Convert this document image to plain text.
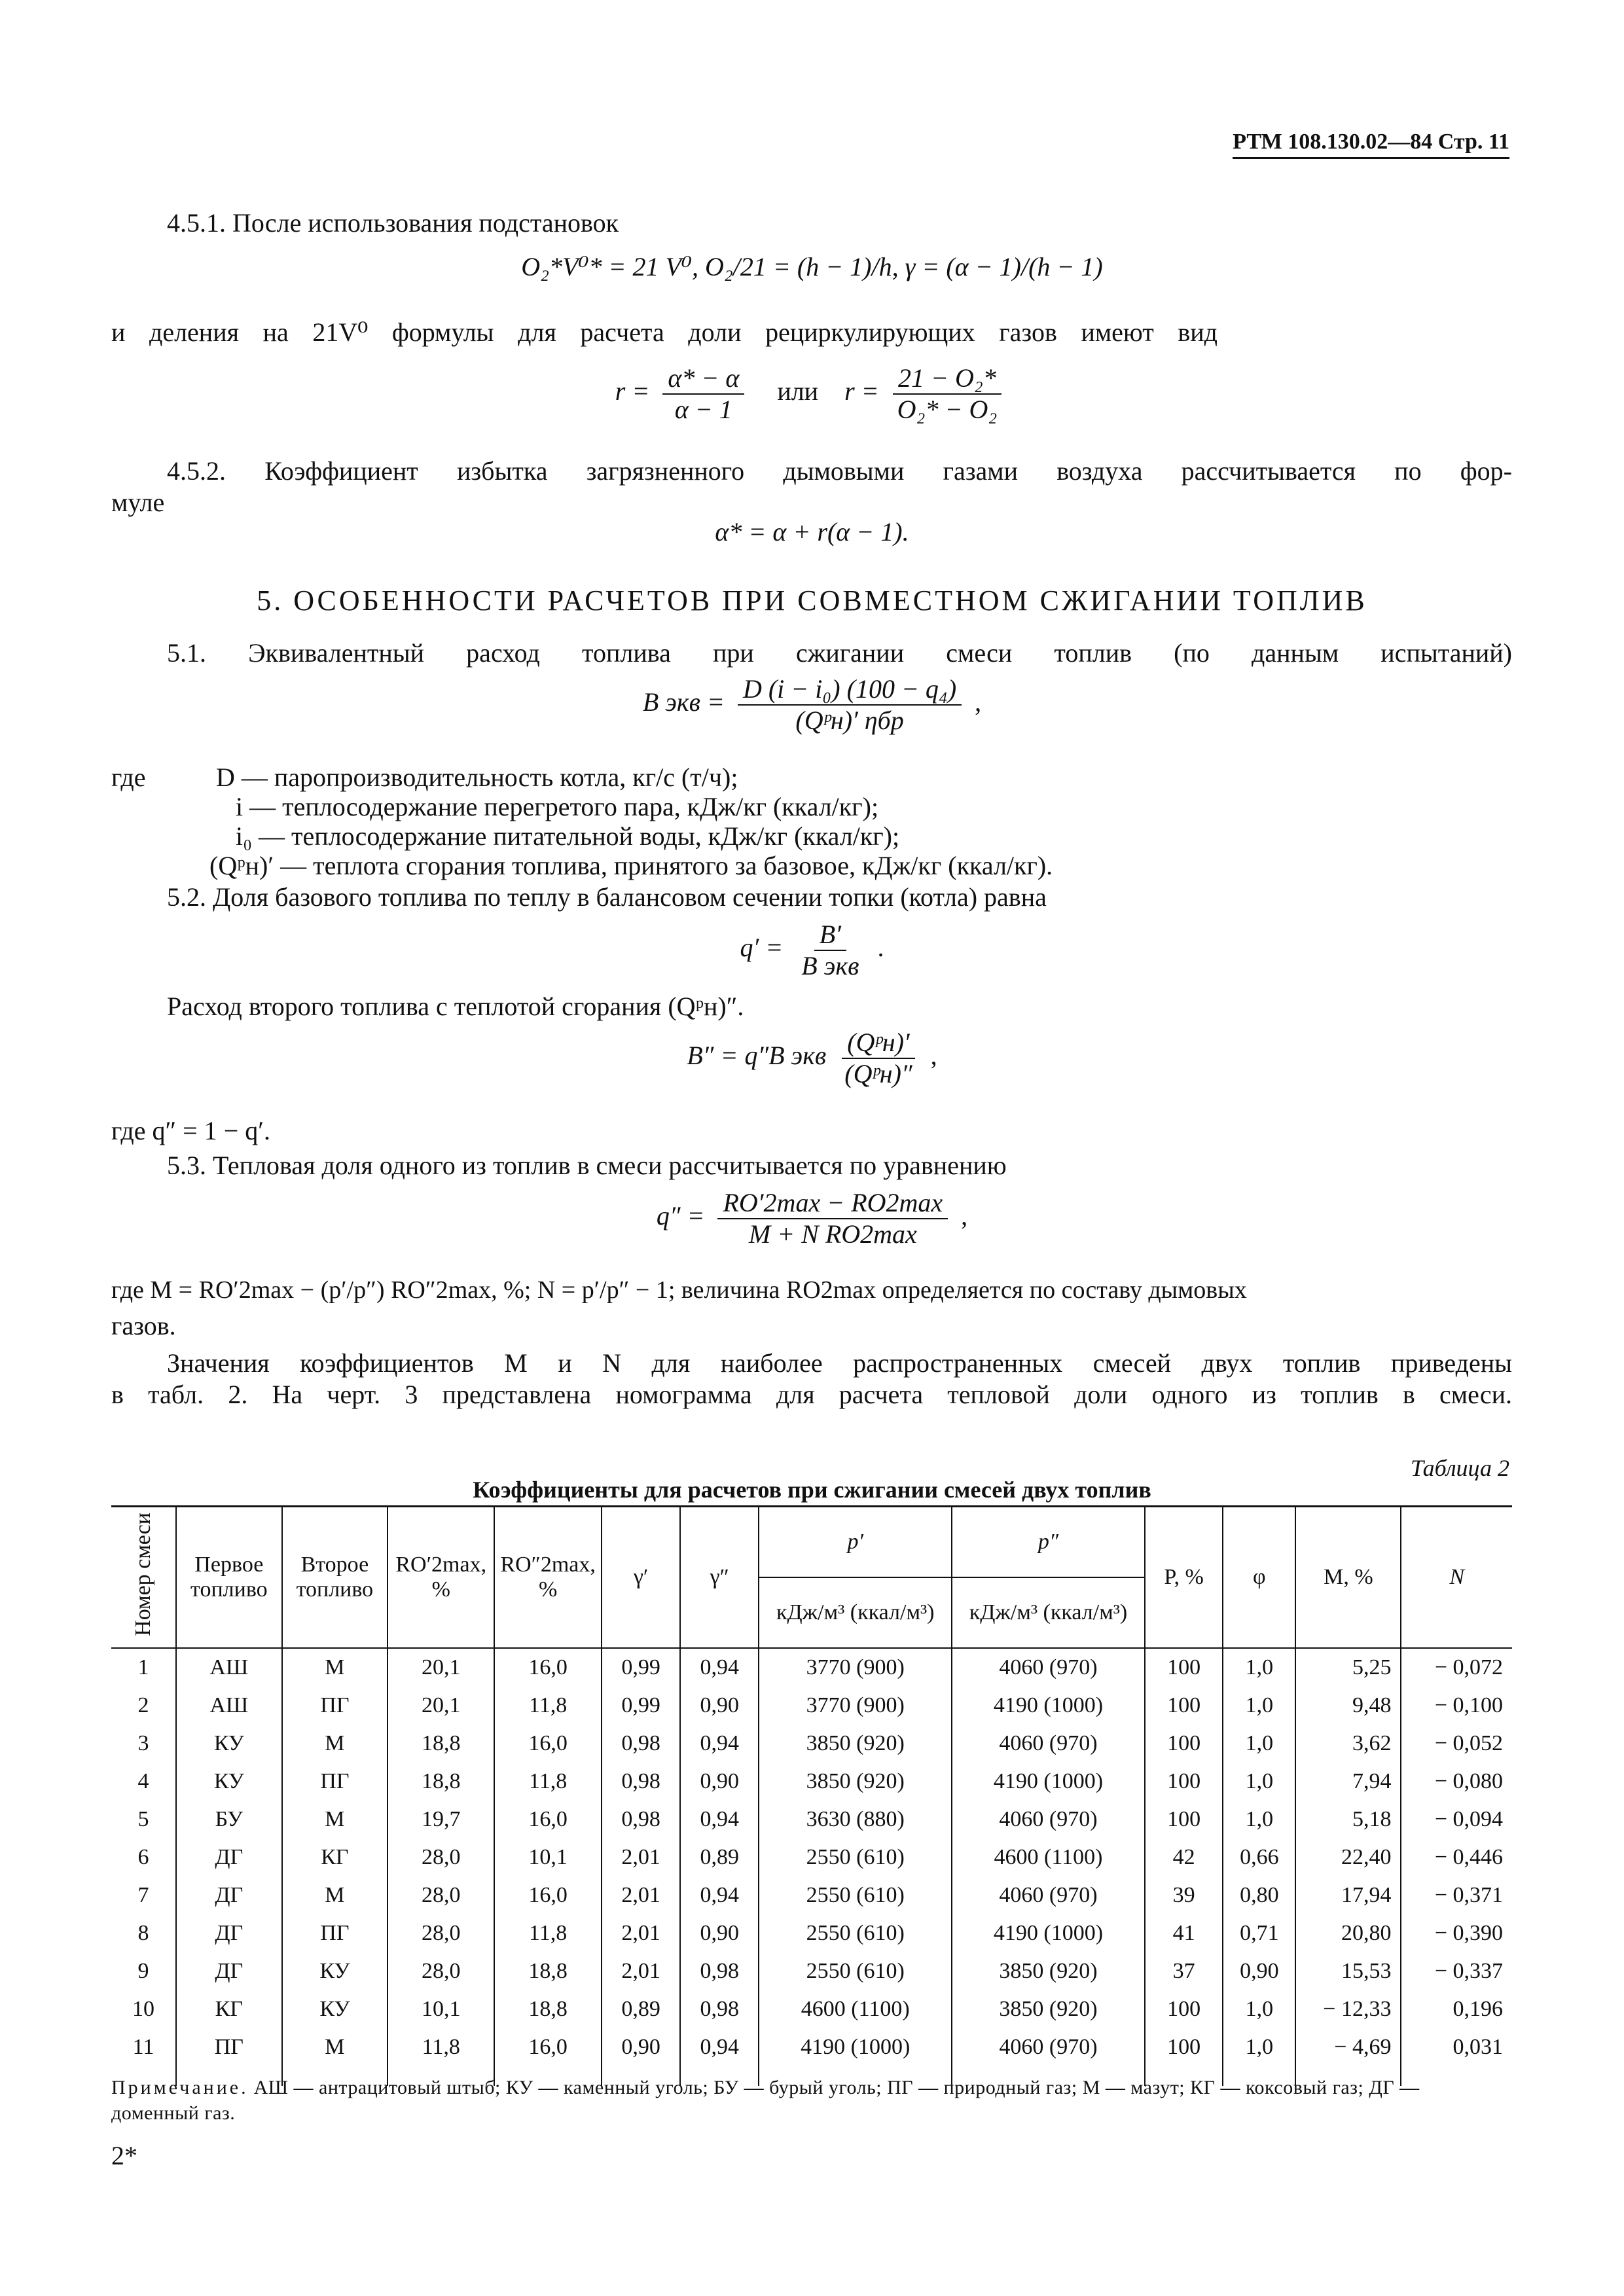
РТМ 108.130.02—84 Стр. 11
4.5.1. После использования подстановок
O₂*V⁰* = 21 V⁰, O₂/21 = (h − 1)/h, γ = (α − 1)/(h − 1)
и деления на 21V⁰ формулы для расчета доли рециркулирующих газов имеют вид
$r = \frac{\alpha* - \alpha}{\alpha - 1}$ или $r = \frac{\text{21 − O₂*}}{\text{O₂* − O₂}}$
4.5.2. Коэффициент избытка загрязненного дымовыми газами воздуха рассчитывается по фор-
муле
α* = α + r(α − 1).
5. ОСОБЕННОСТИ РАСЧЕТОВ ПРИ СОВМЕСТНОМ СЖИГАНИИ ТОПЛИВ
5.1. Эквивалентный расход топлива при сжигании смеси топлив (по данным испытаний)
B экв = $\frac{\text{D (i − i₀) (100 − q₄)}}{\text{(Qᵖн)′ ηбр}}$ ,
где	D — паропроизводительность котла, кг/с (т/ч);
i — теплосодержание перегретого пара, кДж/кг (ккал/кг);
i₀ — теплосодержание питательной воды, кДж/кг (ккал/кг);
(Qᵖн)′ — теплота сгорания топлива, принятого за базовое, кДж/кг (ккал/кг).
5.2. Доля базового топлива по теплу в балансовом сечении топки (котла) равна
$q' = \frac{B'}{\text{B экв}}$ .
Расход второго топлива с теплотой сгорания (Qᵖн)″.
B″ = q″B экв $\frac{\text{(Qᵖн)′}}{\text{(Qᵖн)″}}$ ,
где q″ = 1 − q′.
5.3. Тепловая доля одного из топлив в смеси рассчитывается по уравнению
$q'' = \frac{RO'2\max - RO2\max}{\text{M + N RO2max}}$ ,
где M = RO′2max − (p′/p″) RO″2max, %; N = p′/p″ − 1; величина RO2max определяется по составу дымовых
газов.
Значения коэффициентов M и N для наиболее распространенных смесей двух топлив приведены
в табл. 2. На черт. 3 представлена номограмма для расчета тепловой доли одного из топлив в смеси.
Таблица 2
Коэффициенты для расчетов при сжигании смесей двух топлив
Номер смеси	Первое топливо	Второе топливо	RO′2max, %	RO″2max, %	γ′	γ″	p′	p″	P, %	φ	M, %	N
							кДж/м³ (ккал/м³)	кДж/м³ (ккал/м³)				
1	АШ	М	20,1	16,0	0,99	0,94	3770 (900)	4060 (970)	100	1,0	5,25	− 0,072
2	АШ	ПГ	20,1	11,8	0,99	0,90	3770 (900)	4190 (1000)	100	1,0	9,48	− 0,100
3	КУ	М	18,8	16,0	0,98	0,94	3850 (920)	4060 (970)	100	1,0	3,62	− 0,052
4	КУ	ПГ	18,8	11,8	0,98	0,90	3850 (920)	4190 (1000)	100	1,0	7,94	− 0,080
5	БУ	М	19,7	16,0	0,98	0,94	3630 (880)	4060 (970)	100	1,0	5,18	− 0,094
6	ДГ	КГ	28,0	10,1	2,01	0,89	2550 (610)	4600 (1100)	42	0,66	22,40	− 0,446
7	ДГ	М	28,0	16,0	2,01	0,94	2550 (610)	4060 (970)	39	0,80	17,94	− 0,371
8	ДГ	ПГ	28,0	11,8	2,01	0,90	2550 (610)	4190 (1000)	41	0,71	20,80	− 0,390
9	ДГ	КУ	28,0	18,8	2,01	0,98	2550 (610)	3850 (920)	37	0,90	15,53	− 0,337
10	КГ	КУ	10,1	18,8	0,89	0,98	4600 (1100)	3850 (920)	100	1,0	− 12,33	0,196
11	ПГ	М	11,8	16,0	0,90	0,94	4190 (1000)	4060 (970)	100	1,0	− 4,69	0,031
Примечание. АШ — антрацитовый штыб; КУ — каменный уголь; БУ — бурый уголь; ПГ — природный газ; М — мазут; КГ — коксовый газ; ДГ — доменный газ.
2*
